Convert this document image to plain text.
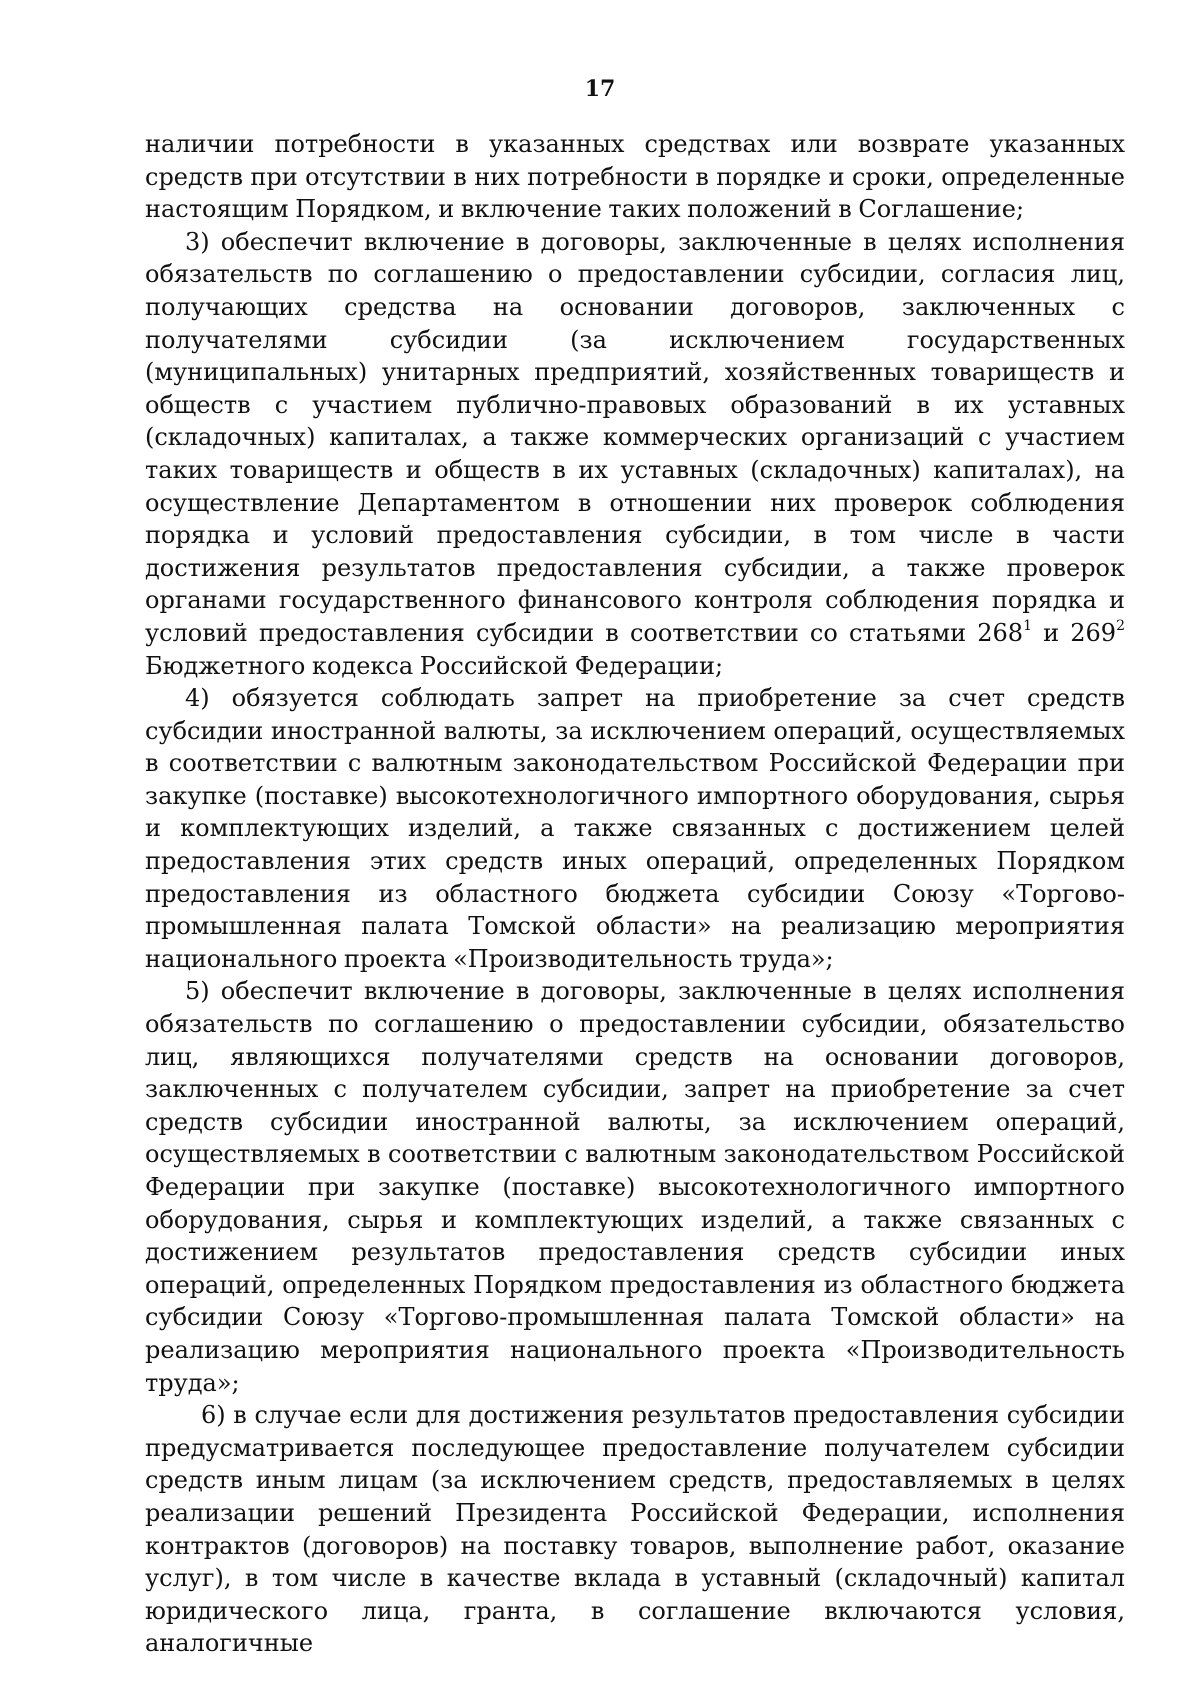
17

наличии потребности в указанных средствах или возврате указанных средств при отсутствии в них потребности в порядке и сроки, определенные настоящим Порядком, и включение таких положений в Соглашение;

3) обеспечит включение в договоры, заключенные в целях исполнения обязательств по соглашению о предоставлении субсидии, согласия лиц, получающих средства на основании договоров, заключенных с получателями субсидии (за исключением государственных (муниципальных) унитарных предприятий, хозяйственных товариществ и обществ с участием публично-правовых образований в их уставных (складочных) капиталах, а также коммерческих организаций с участием таких товариществ и обществ в их уставных (складочных) капиталах), на осуществление Департаментом в отношении них проверок соблюдения порядка и условий предоставления субсидии, в том числе в части достижения результатов предоставления субсидии, а также проверок органами государственного финансового контроля соблюдения порядка и условий предоставления субсидии в соответствии со статьями $268^1$ и $269^2$ Бюджетного кодекса Российской Федерации;

4) обязуется соблюдать запрет на приобретение за счет средств субсидии иностранной валюты, за исключением операций, осуществляемых в соответствии с валютным законодательством Российской Федерации при закупке (поставке) высокотехнологичного импортного оборудования, сырья и комплектующих изделий, а также связанных с достижением целей предоставления этих средств иных операций, определенных Порядком предоставления из областного бюджета субсидии Союзу «Торгово-промышленная палата Томской области» на реализацию мероприятия национального проекта «Производительность труда»;

5) обеспечит включение в договоры, заключенные в целях исполнения обязательств по соглашению о предоставлении субсидии, обязательство лиц, являющихся получателями средств на основании договоров, заключенных с получателем субсидии, запрет на приобретение за счет средств субсидии иностранной валюты, за исключением операций, осуществляемых в соответствии с валютным законодательством Российской Федерации при закупке (поставке) высокотехнологичного импортного оборудования, сырья и комплектующих изделий, а также связанных с достижением результатов предоставления средств субсидии иных операций, определенных Порядком предоставления из областного бюджета субсидии Союзу «Торгово-промышленная палата Томской области» на реализацию мероприятия национального проекта «Производительность труда»;

6) в случае если для достижения результатов предоставления субсидии предусматривается последующее предоставление получателем субсидии средств иным лицам (за исключением средств, предоставляемых в целях реализации решений Президента Российской Федерации, исполнения контрактов (договоров) на поставку товаров, выполнение работ, оказание услуг), в том числе в качестве вклада в уставный (складочный) капитал юридического лица, гранта, в соглашение включаются условия, аналогичные
